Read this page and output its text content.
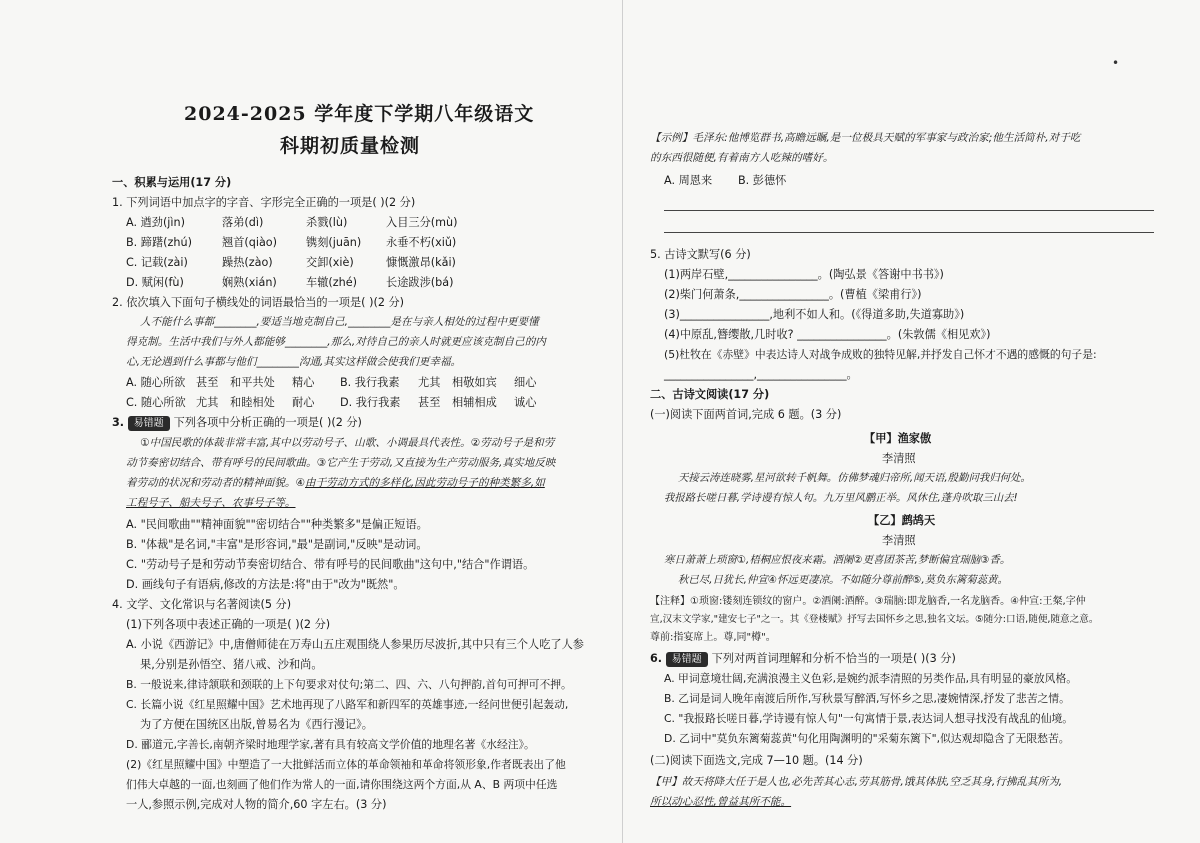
2024-2025 学年度下学期八年级语文
科期初质量检测
一、积累与运用(17 分)
1. 下列词语中加点字的字音、字形完全正确的一项是( )(2 分)
A. 遒劲(jìn)	落弟(dì)	杀戮(lù)	入目三分(mù)
B. 蹄躇(zhú)	翘首(qiào)	镌刻(juān) 永垂不朽(xiǔ)
C. 记载(zài)	躁热(zào)	交卸(xiè)	慷慨激昂(kǎi)
D. 赋闲(fù)	娴熟(xián)	车辙(zhé)	长途跋涉(bá)
2. 依次填入下面句子横线处的词语最恰当的一项是( )(2 分)
人不能什么事都________,要适当地克制自己,________是在与亲人相处的过程中更要懂
得克制。生活中我们与外人都能够________,那么,对待自己的亲人时就更应该克制自己的内
心,无论遇到什么事都与他们________沟通,其实这样做会使我们更幸福。
A. 随心所欲 甚至 和平共处 精心 B. 我行我素 尤其 相敬如宾 细心
C. 随心所欲 尤其 和睦相处 耐心 D. 我行我素 甚至 相辅相成 诚心
3. 易错题 下列各项中分析正确的一项是( )(2 分)
①中国民歌的体裁非常丰富,其中以劳动号子、山歌、小调最具代表性。②劳动号子是和劳
动节奏密切结合、带有呼号的民间歌曲。③它产生于劳动,又直接为生产劳动服务,真实地反映
着劳动的状况和劳动者的精神面貌。④由于劳动方式的多样化,因此劳动号子的种类繁多,如
工程号子、船夫号子、农事号子等。
A. "民间歌曲""精神面貌""密切结合""种类繁多"是偏正短语。
B. "体裁"是名词,"丰富"是形容词,"最"是副词,"反映"是动词。
C. "劳动号子是和劳动节奏密切结合、带有呼号的民间歌曲"这句中,"结合"作谓语。
D. 画线句子有语病,修改的方法是:将"由于"改为"既然"。
4. 文学、文化常识与名著阅读(5 分)
(1)下列各项中表述正确的一项是( )(2 分)
A. 小说《西游记》中,唐僧师徒在万寿山五庄观围绕人参果历尽波折,其中只有三个人吃了人参
果,分别是孙悟空、猪八戒、沙和尚。
B. 一般说来,律诗颔联和颈联的上下句要求对仗句;第二、四、六、八句押韵,首句可押可不押。
C. 长篇小说《红星照耀中国》艺术地再现了八路军和新四军的英雄事迹,一经问世便引起轰动,
为了方便在国统区出版,曾易名为《西行漫记》。
D. 郦道元,字善长,南朝齐梁时地理学家,著有具有较高文学价值的地理名著《水经注》。
(2)《红星照耀中国》中塑造了一大批鲜活而立体的革命领袖和革命将领形象,作者既表出了他
们伟大卓越的一面,也刻画了他们作为常人的一面,请你围绕这两个方面,从 A、B 两项中任选
一人,参照示例,完成对人物的简介,60 字左右。(3 分)
【示例】毛泽东:他博览群书,高瞻远瞩,是一位极具天赋的军事家与政治家;他生活简朴,对于吃
的东西很随便,有着南方人吃辣的嗜好。
A. 周恩来 B. 彭德怀
5. 古诗文默写(6 分)
(1)两岸石壁,________________。(陶弘景《答谢中书书》)
(2)柴门何萧条,________________。(曹植《梁甫行》)
(3)________________,地利不如人和。(《得道多助,失道寡助》)
(4)中原乱,簪缨散,几时收? ________________。(朱敦儒《相见欢》)
(5)杜牧在《赤壁》中表达诗人对战争成败的独特见解,并抒发自己怀才不遇的感慨的句子是:
________________,________________。
二、古诗文阅读(17 分)
(一)阅读下面两首词,完成 6 题。(3 分)
【甲】渔家傲
李清照
天接云涛连晓雾,星河欲转千帆舞。仿佛梦魂归帝所,闻天语,殷勤问我归何处。
我报路长嗟日暮,学诗谩有惊人句。九万里风鹏正举。风休住,蓬舟吹取三山去!
【乙】鹧鸪天
李清照
寒日萧萧上琐窗①,梧桐应恨夜来霜。酒阑②更喜团茶苦,梦断偏宜瑞脑③香。
秋已尽,日犹长,仲宣④怀远更凄凉。不如随分尊前醉⑤,莫负东篱菊蕊黄。
【注释】①琐窗:镂刻连锁纹的窗户。②酒阑:酒醉。③瑞脑:即龙脑香,一名龙脑香。④仲宣:王粲,字仲
宣,汉末文学家,"建安七子"之一。其《登楼赋》抒写去国怀乡之思,独名文坛。⑤随分:口语,随便,随意之意。
尊前:指宴席上。尊,同"樽"。
6. 易错题 下列对两首词理解和分析不恰当的一项是( )(3 分)
A. 甲词意境壮阔,充满浪漫主义色彩,是婉约派李清照的另类作品,具有明显的豪放风格。
B. 乙词是词人晚年南渡后所作,写秋景写醉酒,写怀乡之思,凄婉情深,抒发了悲苦之情。
C. "我报路长嗟日暮,学诗谩有惊人句"一句寓情于景,表达词人想寻找没有战乱的仙境。
D. 乙词中"莫负东篱菊蕊黄"句化用陶渊明的"采菊东篱下",似达观却隐含了无限愁苦。
(二)阅读下面选文,完成 7—10 题。(14 分)
【甲】故天将降大任于是人也,必先苦其心志,劳其筋骨,饿其体肤,空乏其身,行拂乱其所为,
所以动心忍性,曾益其所不能。
•
